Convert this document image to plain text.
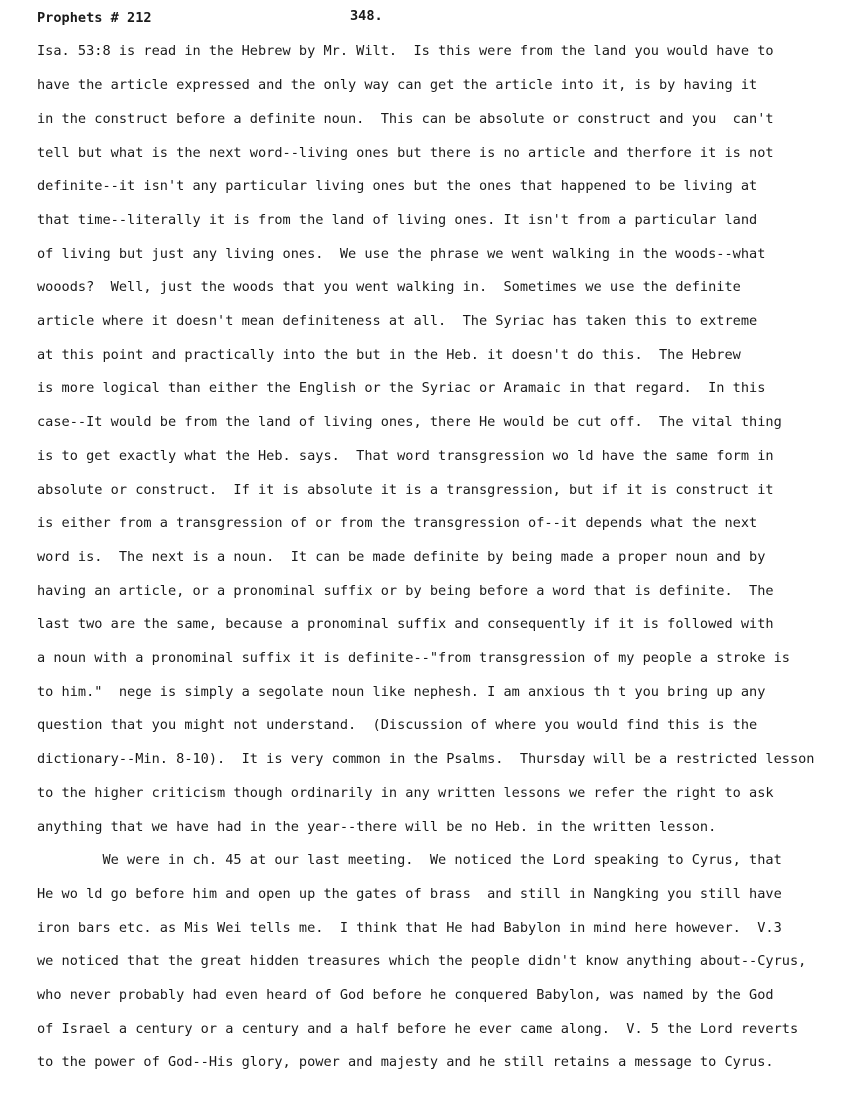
Prophets # 212	348.
Isa. 53:8 is read in the Hebrew by Mr. Wilt.  Is this were from the land you would have to
have the article expressed and the only way can get the article into it, is by having it
in the construct before a definite noun.  This can be absolute or construct and you  can't
tell but what is the next word--living ones but there is no article and therfore it is not
definite--it isn't any particular living ones but the ones that happened to be living at
that time--literally it is from the land of living ones. It isn't from a particular land
of living but just any living ones.  We use the phrase we went walking in the woods--what
wooods?  Well, just the woods that you went walking in.  Sometimes we use the definite
article where it doesn't mean definiteness at all.  The Syriac has taken this to extreme
at this point and practically into the but in the Heb. it doesn't do this.  The Hebrew
is more logical than either the English or the Syriac or Aramaic in that regard.  In this
case--It would be from the land of living ones, there He would be cut off.  The vital thing
is to get exactly what the Heb. says.  That word transgression wo ld have the same form in
absolute or construct.  If it is absolute it is a transgression, but if it is construct it
is either from a transgression of or from the transgression of--it depends what the next
word is.  The next is a noun.  It can be made definite by being made a proper noun and by
having an article, or a pronominal suffix or by being before a word that is definite.  The
last two are the same, because a pronominal suffix and consequently if it is followed with
a noun with a pronominal suffix it is definite--"from transgression of my people a stroke is
to him."  nege is simply a segolate noun like nephesh. I am anxious th t you bring up any
question that you might not understand.  (Discussion of where you would find this is the
dictionary--Min. 8-10).  It is very common in the Psalms.  Thursday will be a restricted lesson
to the higher criticism though ordinarily in any written lessons we refer the right to ask
anything that we have had in the year--there will be no Heb. in the written lesson.
We were in ch. 45 at our last meeting.  We noticed the Lord speaking to Cyrus, that
He wo ld go before him and open up the gates of brass  and still in Nangking you still have
iron bars etc. as Mis Wei tells me.  I think that He had Babylon in mind here however.  V.3
we noticed that the great hidden treasures which the people didn't know anything about--Cyrus,
who never probably had even heard of God before he conquered Babylon, was named by the God
of Israel a century or a century and a half before he ever came along.  V. 5 the Lord reverts
to the power of God--His glory, power and majesty and he still retains a message to Cyrus.
